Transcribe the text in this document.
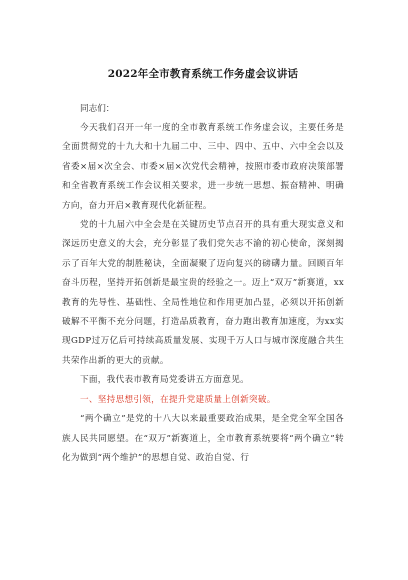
2022年全市教育系统工作务虚会议讲话

同志们：

今天我们召开一年一度的全市教育系统工作务虚会议，主要任务是全面贯彻党的十九大和十九届二中、三中、四中、五中、六中全会以及省委×届×次全会、市委×届×次党代会精神，按照市委市政府决策部署和全省教育系统工作会议相关要求，进一步统一思想、振奋精神、明确方向，奋力开启×教育现代化新征程。

党的十九届六中全会是在关键历史节点召开的具有重大现实意义和深远历史意义的大会，充分彰显了我们党矢志不渝的初心使命，深刻揭示了百年大党的制胜秘诀，全面凝聚了迈向复兴的磅礴力量。回顾百年奋斗历程，坚持开拓创新是最宝贵的经验之一。迈上“双万”新赛道，xx教育的先导性、基础性、全局性地位和作用更加凸显，必须以开拓创新破解不平衡不充分问题，打造品质教育，奋力跑出教育加速度，为xx实现GDP过万亿后可持续高质量发展、实现千万人口与城市深度融合共生共荣作出新的更大的贡献。

下面，我代表市教育局党委讲五方面意见。

一、坚持思想引领，在提升党建质量上创新突破。

“两个确立”是党的十八大以来最重要政治成果，是全党全军全国各族人民共同愿望。在“双万”新赛道上，全市教育系统要将“两个确立”转化为做到“两个维护”的思想自觉、政治自觉、行
